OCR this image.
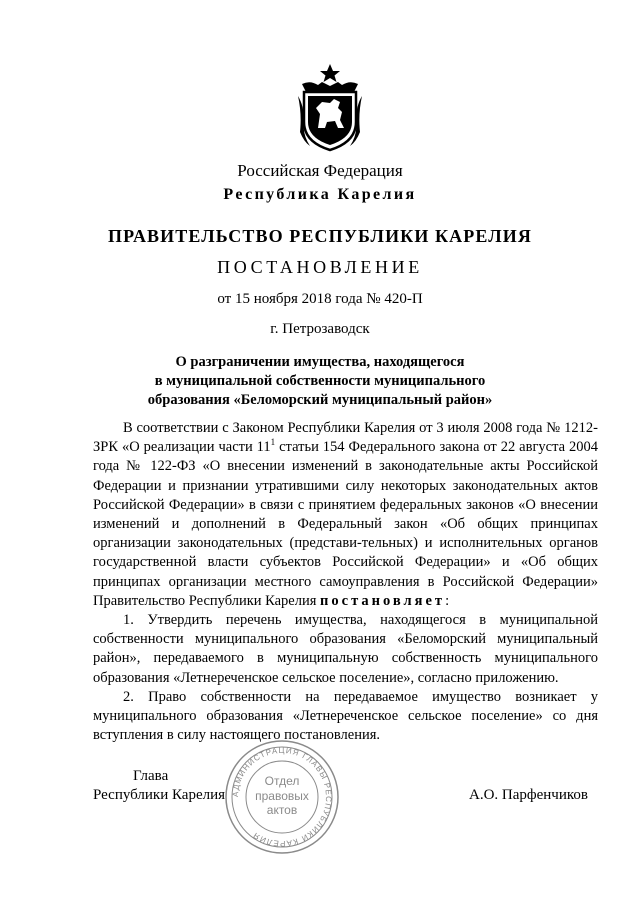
Российская Федерация
Республика Карелия
ПРАВИТЕЛЬСТВО РЕСПУБЛИКИ КАРЕЛИЯ
ПОСТАНОВЛЕНИЕ
от 15 ноября 2018 года № 420-П
г. Петрозаводск
О разграничении имущества, находящегося
в муниципальной собственности муниципального
образования «Беломорский муниципальный район»

В соответствии с Законом Республики Карелия от 3 июля 2008 года № 1212-ЗРК «О реализации части $11^1$ статьи 154 Федерального закона от 22 августа 2004 года № 122-ФЗ «О внесении изменений в законодательные акты Российской Федерации и признании утратившими силу некоторых законодательных актов Российской Федерации» в связи с принятием федеральных законов «О внесении изменений и дополнений в Федеральный закон «Об общих принципах организации законодательных (представи-тельных) и исполнительных органов государственной власти субъектов Российской Федерации» и «Об общих принципах организации местного самоуправления в Российской Федерации» Правительство Республики Карелия постановляет:

1. Утвердить перечень имущества, находящегося в муниципальной собственности муниципального образования «Беломорский муниципальный район», передаваемого в муниципальную собственность муниципального образования «Летнереченское сельское поселение», согласно приложению.

2. Право собственности на передаваемое имущество возникает у муниципального образования «Летнереченское сельское поселение» со дня вступления в силу настоящего постановления.

Глава
Республики Карелия	А.О. Парфенчиков
АДМИНИСТРАЦИЯ ГЛАВЫ РЕСПУБЛИКИ КАРЕЛИЯ
Отдел
правовых
актов
